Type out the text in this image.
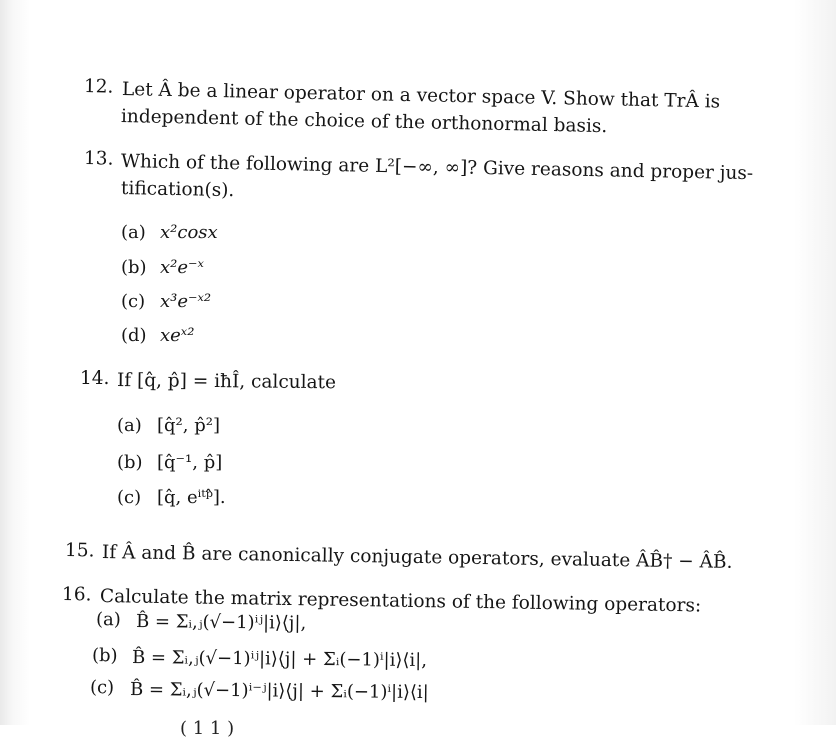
12. Let Â be a linear operator on a vector space V. Show that TrÂ is
independent of the choice of the orthonormal basis.
13. Which of the following are L²[−∞, ∞]? Give reasons and proper jus-
tification(s).
(a) x²cosx
(b) x²e⁻ˣ
(c) x³e⁻ˣ²
(d) xeˣ²
14. If [q̂, p̂] = iħÎ, calculate
(a) [q̂², p̂²]
(b) [q̂⁻¹, p̂]
(c) [q̂, eⁱᵗᵖ̂].
15. If Â and B̂ are canonically conjugate operators, evaluate ÂB̂† − ÂB̂.
16. Calculate the matrix representations of the following operators:
(a) B̂ = Σᵢ,ⱼ(√−1)ⁱʲ|i⟩⟨j|,
(b) B̂ = Σᵢ,ⱼ(√−1)ⁱʲ|i⟩⟨j| + Σᵢ(−1)ⁱ|i⟩⟨i|,
(c) B̂ = Σᵢ,ⱼ(√−1)ⁱ⁻ʲ|i⟩⟨j| + Σᵢ(−1)ⁱ|i⟩⟨i|
( 1 1 )
